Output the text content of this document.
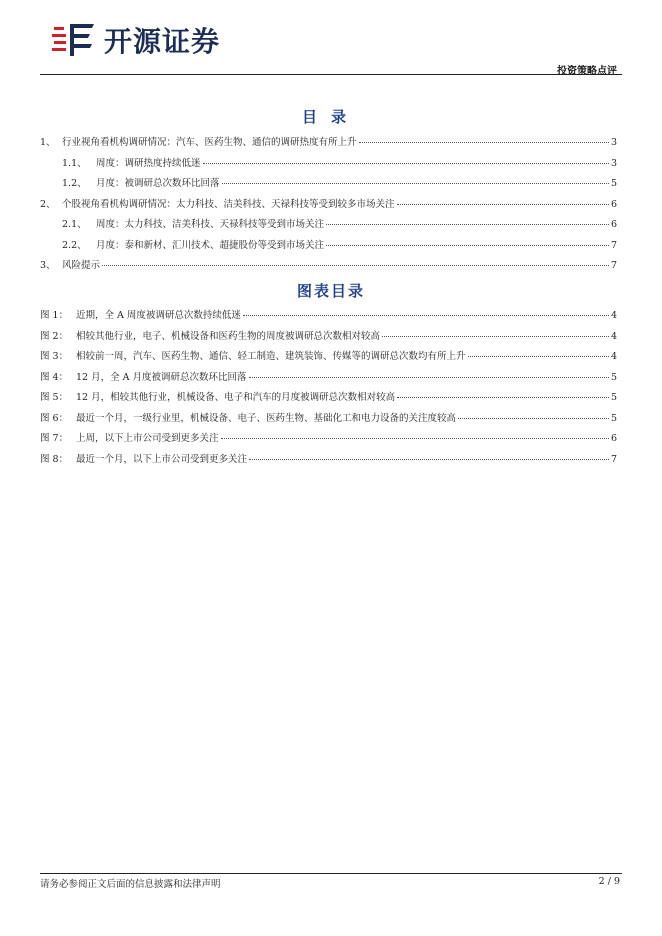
开源证券
投资策略点评
目录
1、 行业视角看机构调研情况：汽车、医药生物、通信的调研热度有所上升	3
1.1、 周度：调研热度持续低迷	3
1.2、 月度：被调研总次数环比回落	5
2、 个股视角看机构调研情况：太力科技、洁美科技、天禄科技等受到较多市场关注	6
2.1、 周度：太力科技、洁美科技、天禄科技等受到市场关注	6
2.2、 月度：泰和新材、汇川技术、超捷股份等受到市场关注	7
3、 风险提示	7
图表目录
图 1： 近期，全 A 周度被调研总次数持续低迷	4
图 2： 相较其他行业，电子、机械设备和医药生物的周度被调研总次数相对较高	4
图 3： 相较前一周，汽车、医药生物、通信、轻工制造、建筑装饰、传媒等的调研总次数均有所上升	4
图 4： 12 月，全 A 月度被调研总次数环比回落	5
图 5： 12 月，相较其他行业，机械设备、电子和汽车的月度被调研总次数相对较高	5
图 6： 最近一个月，一级行业里，机械设备、电子、医药生物、基础化工和电力设备的关注度较高	5
图 7： 上周，以下上市公司受到更多关注	6
图 8： 最近一个月，以下上市公司受到更多关注	7
请务必参阅正文后面的信息披露和法律声明	2 / 9
